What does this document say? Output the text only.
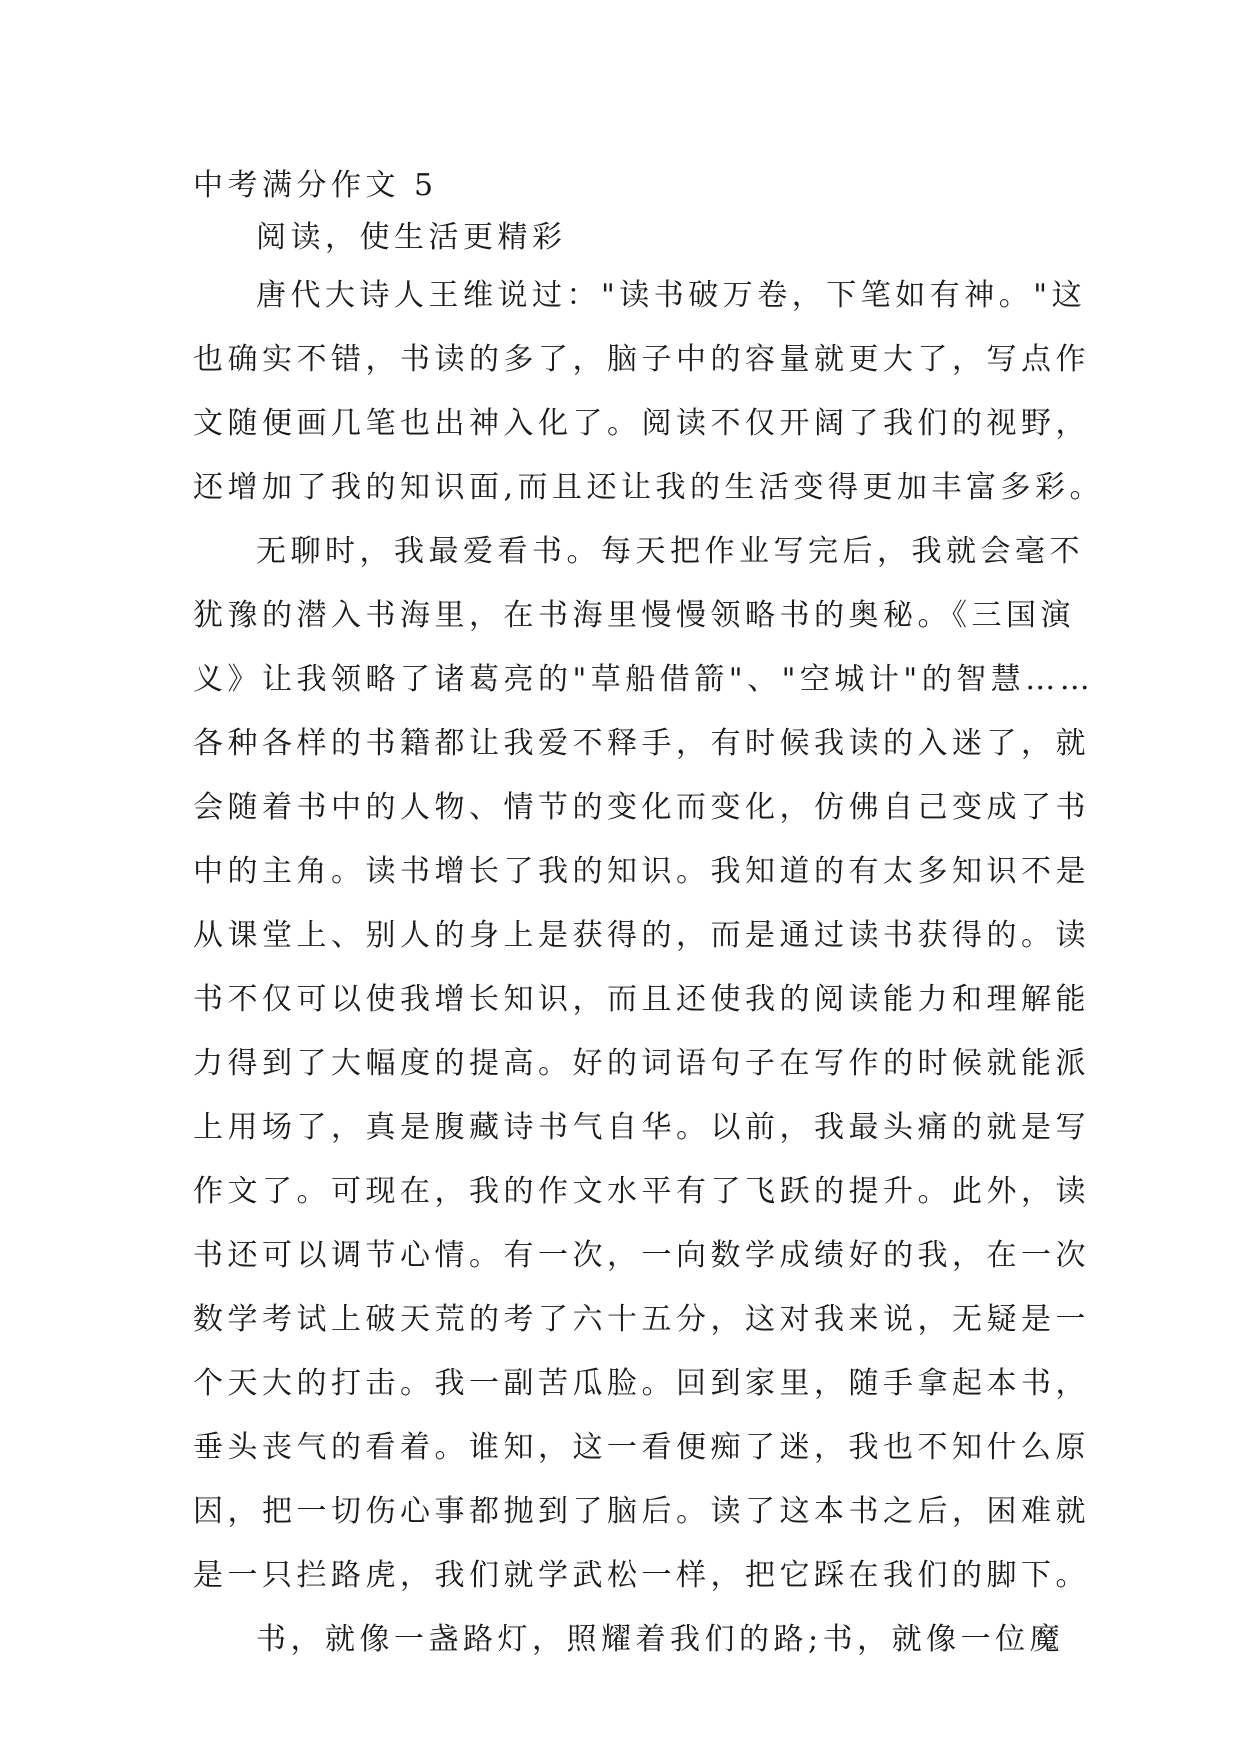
中考满分作文 5
阅读，使生活更精彩
唐代大诗人王维说过："读书破万卷，下笔如有神。"这
也确实不错，书读的多了，脑子中的容量就更大了，写点作
文随便画几笔也出神入化了。阅读不仅开阔了我们的视野，
还增加了我的知识面,而且还让我的生活变得更加丰富多彩。
无聊时，我最爱看书。每天把作业写完后，我就会毫不
犹豫的潜入书海里，在书海里慢慢领略书的奥秘。《三国演
义》让我领略了诸葛亮的"草船借箭"、"空城计"的智慧……
各种各样的书籍都让我爱不释手，有时候我读的入迷了，就
会随着书中的人物、情节的变化而变化，仿佛自己变成了书
中的主角。读书增长了我的知识。我知道的有太多知识不是
从课堂上、别人的身上是获得的，而是通过读书获得的。读
书不仅可以使我增长知识，而且还使我的阅读能力和理解能
力得到了大幅度的提高。好的词语句子在写作的时候就能派
上用场了，真是腹藏诗书气自华。以前，我最头痛的就是写
作文了。可现在，我的作文水平有了飞跃的提升。此外，读
书还可以调节心情。有一次，一向数学成绩好的我，在一次
数学考试上破天荒的考了六十五分，这对我来说，无疑是一
个天大的打击。我一副苦瓜脸。回到家里，随手拿起本书，
垂头丧气的看着。谁知，这一看便痴了迷，我也不知什么原
因，把一切伤心事都抛到了脑后。读了这本书之后，困难就
是一只拦路虎，我们就学武松一样，把它踩在我们的脚下。
书，就像一盏路灯，照耀着我们的路;书，就像一位魔
